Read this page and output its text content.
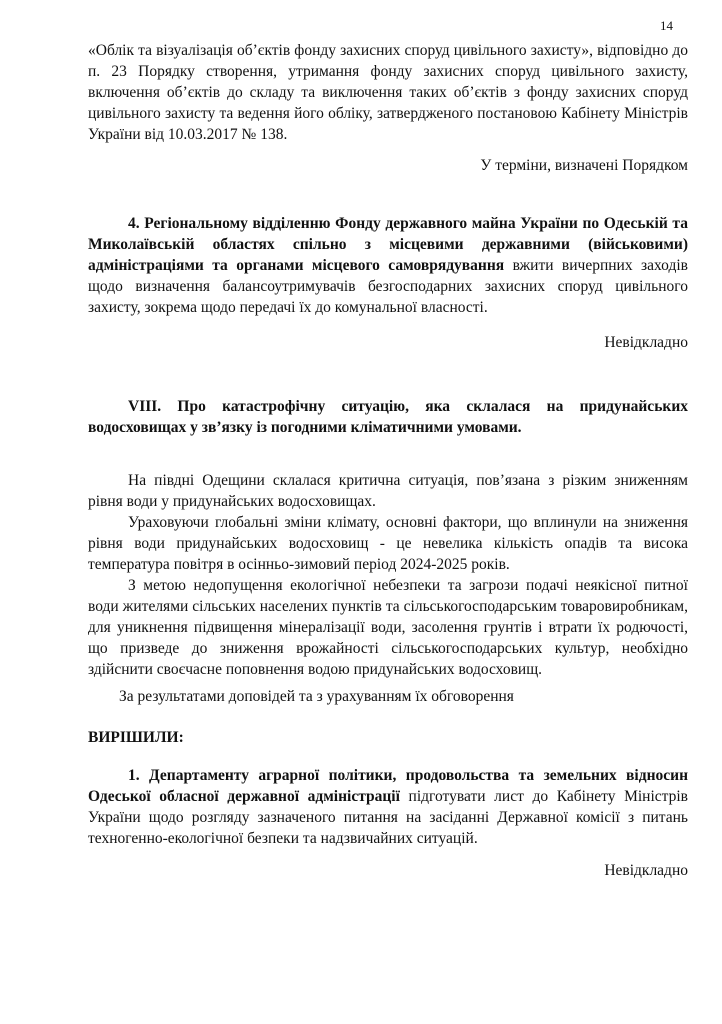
14

«Облік та візуалізація об’єктів фонду захисних споруд цивільного захисту», відповідно до п. 23 Порядку створення, утримання фонду захисних споруд цивільного захисту, включення об’єктів до складу та виключення таких об’єктів з фонду захисних споруд цивільного захисту та ведення його обліку, затвердженого постановою Кабінету Міністрів України від 10.03.2017 № 138.

У терміни, визначені Порядком

4. Регіональному відділенню Фонду державного майна України по Одеській та Миколаївській областях спільно з місцевими державними (військовими) адміністраціями та органами місцевого самоврядування вжити вичерпних заходів щодо визначення балансоутримувачів безгосподарних захисних споруд цивільного захисту, зокрема щодо передачі їх до комунальної власності.

Невідкладно

VIII. Про катастрофічну ситуацію, яка склалася на придунайських водосховищах у зв’язку із погодними кліматичними умовами.

На півдні Одещини склалася критична ситуація, пов’язана з різким зниженням рівня води у придунайських водосховищах.

Ураховуючи глобальні зміни клімату, основні фактори, що вплинули на зниження рівня води придунайських водосховищ - це невелика кількість опадів та висока температура повітря в осінньо-зимовий період 2024-2025 років.

З метою недопущення екологічної небезпеки та загрози подачі неякісної питної води жителями сільських населених пунктів та сільськогосподарським товаровиробникам, для уникнення підвищення мінералізації води, засолення грунтів і втрати їх родючості, що призведе до зниження врожайності сільськогосподарських культур, необхідно здійснити своєчасне поповнення водою придунайських водосховищ.

За результатами доповідей та з урахуванням їх обговорення

ВИРІШИЛИ:

1. Департаменту аграрної політики, продовольства та земельних відносин Одеської обласної державної адміністрації підготувати лист до Кабінету Міністрів України щодо розгляду зазначеного питання на засіданні Державної комісії з питань техногенно-екологічної безпеки та надзвичайних ситуацій.

Невідкладно
